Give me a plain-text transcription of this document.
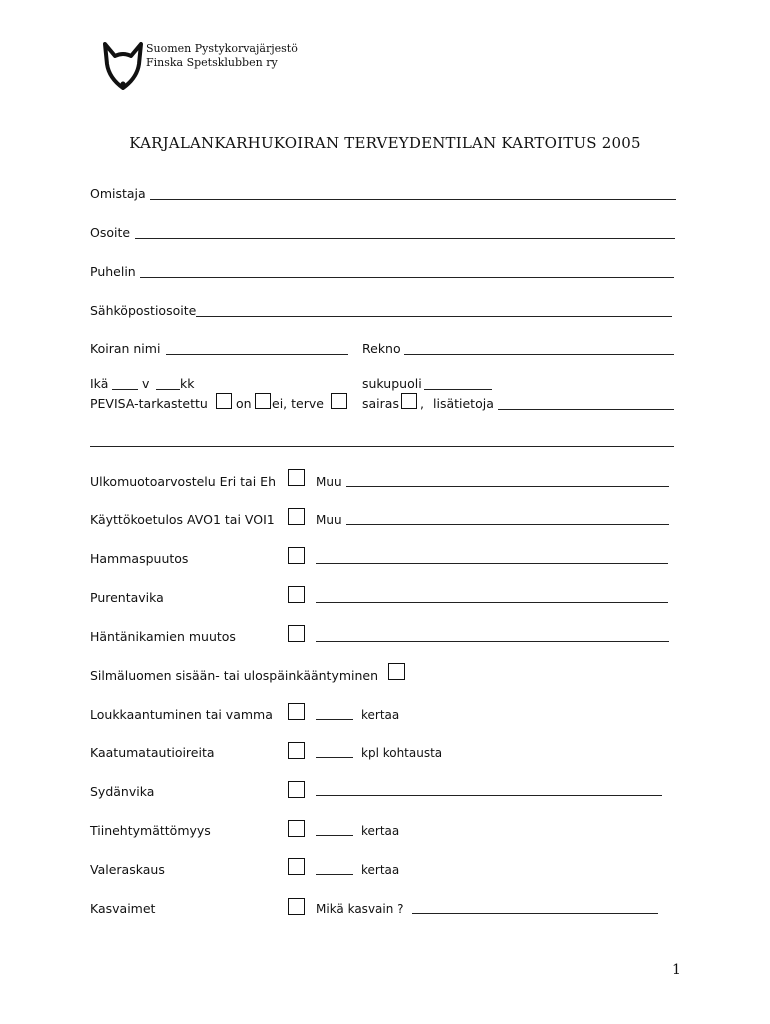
Suomen Pystykorvajärjestö
Finska Spetsklubben ry
KARJALANKARHUKOIRAN TERVEYDENTILAN KARTOITUS 2005
Omistaja
Osoite
Puhelin
Sähköpostiosoite
Koiran nimi	Rekno
Ikä	v kk	sukupuoli
PEVISA-tarkastettu on ei, terve	sairas , lisätietoja
Ulkomuotoarvostelu Eri tai Eh	Muu
Käyttökoetulos AVO1 tai VOI1	Muu
Hammaspuutos
Purentavika
Häntänikamien muutos
Silmäluomen sisään- tai ulospäinkääntyminen
Loukkaantuminen tai vamma	kertaa
Kaatumatautioireita	kpl kohtausta
Sydänvika
Tiinehtymättömyys	kertaa
Valeraskaus	kertaa
Kasvaimet	Mikä kasvain ?
1
